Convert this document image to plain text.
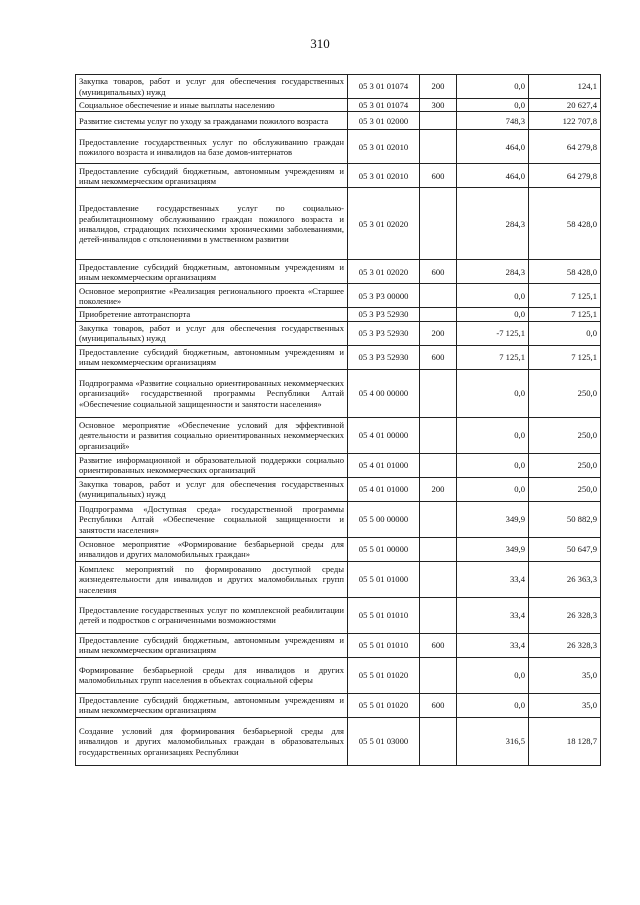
310
Закупка товаров, работ и услуг для обеспечения государственных (муниципальных) нужд	05 3 01 01074	200	0,0	124,1
Социальное обеспечение и иные выплаты населению	05 3 01 01074	300	0,0	20 627,4
Развитие системы услуг по уходу за гражданами пожилого возраста	05 3 01 02000		748,3	122 707,8
Предоставление государственных услуг по обслуживанию граждан пожилого возраста и инвалидов на базе домов-интернатов	05 3 01 02010		464,0	64 279,8
Предоставление субсидий бюджетным, автономным учреждениям и иным некоммерческим организациям	05 3 01 02010	600	464,0	64 279,8
Предоставление государственных услуг по социально-реабилитационному обслуживанию граждан пожилого возраста и инвалидов, страдающих психическими хроническими заболеваниями, детей-инвалидов с отклонениями в умственном развитии	05 3 01 02020		284,3	58 428,0
Предоставление субсидий бюджетным, автономным учреждениям и иным некоммерческим организациям	05 3 01 02020	600	284,3	58 428,0
Основное мероприятие «Реализация регионального проекта «Старшее поколение»	05 3 P3 00000		0,0	7 125,1
Приобретение автотранспорта	05 3 P3 52930		0,0	7 125,1
Закупка товаров, работ и услуг для обеспечения государственных (муниципальных) нужд	05 3 P3 52930	200	-7 125,1	0,0
Предоставление субсидий бюджетным, автономным учреждениям и иным некоммерческим организациям	05 3 P3 52930	600	7 125,1	7 125,1
Подпрограмма «Развитие социально ориентированных некоммерческих организаций» государственной программы Республики Алтай «Обеспечение социальной защищенности и занятости населения»	05 4 00 00000		0,0	250,0
Основное мероприятие «Обеспечение условий для эффективной деятельности и развития социально ориентированных некоммерческих организаций»	05 4 01 00000		0,0	250,0
Развитие информационной и образовательной поддержки социально ориентированных некоммерческих организаций	05 4 01 01000		0,0	250,0
Закупка товаров, работ и услуг для обеспечения государственных (муниципальных) нужд	05 4 01 01000	200	0,0	250,0
Подпрограмма «Доступная среда» государственной программы Республики Алтай «Обеспечение социальной защищенности и занятости населения»	05 5 00 00000		349,9	50 882,9
Основное мероприятие «Формирование безбарьерной среды для инвалидов и других маломобильных граждан»	05 5 01 00000		349,9	50 647,9
Комплекс мероприятий по формированию доступной среды жизнедеятельности для инвалидов и других маломобильных групп населения	05 5 01 01000		33,4	26 363,3
Предоставление государственных услуг по комплексной реабилитации детей и подростков с ограниченными возможностями	05 5 01 01010		33,4	26 328,3
Предоставление субсидий бюджетным, автономным учреждениям и иным некоммерческим организациям	05 5 01 01010	600	33,4	26 328,3
Формирование безбарьерной среды для инвалидов и других маломобильных групп населения в объектах социальной сферы	05 5 01 01020		0,0	35,0
Предоставление субсидий бюджетным, автономным учреждениям и иным некоммерческим организациям	05 5 01 01020	600	0,0	35,0
Создание условий для формирования безбарьерной среды для инвалидов и других маломобильных граждан в образовательных государственных организациях Республики	05 5 01 03000		316,5	18 128,7
